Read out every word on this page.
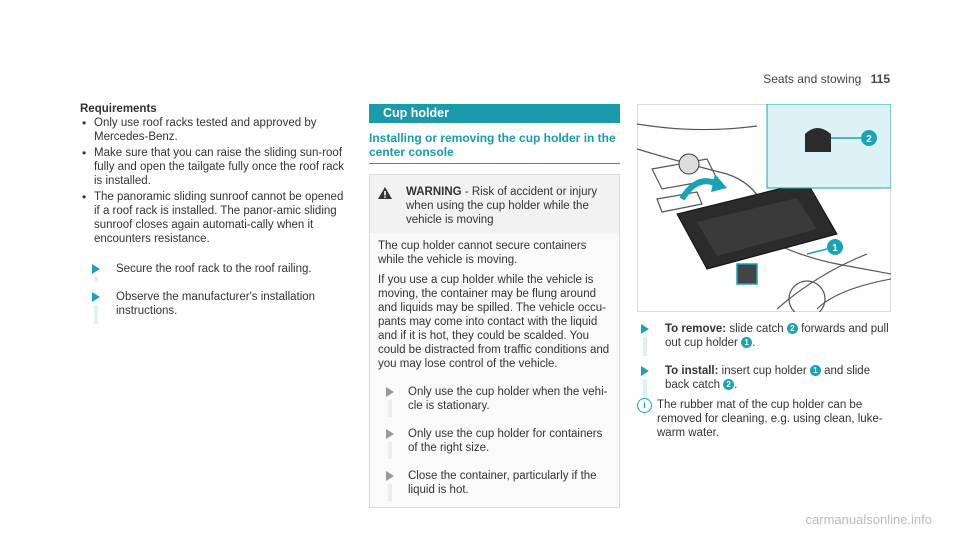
Seats and stowing 115
Requirements
• Only use roof racks tested and approved by Mercedes-Benz.
• Make sure that you can raise the sliding sun-roof fully and open the tailgate fully once the roof rack is installed.
• The panoramic sliding sunroof cannot be opened if a roof rack is installed. The panor-amic sliding sunroof closes again automati-cally when it encounters resistance.
Secure the roof rack to the roof railing.
Observe the manufacturer's installation instructions.
Cup holder
Installing or removing the cup holder in the center console
WARNING - Risk of accident or injury when using the cup holder while the vehicle is moving

The cup holder cannot secure containers while the vehicle is moving.

If you use a cup holder while the vehicle is moving, the container may be flung around and liquids may be spilled. The vehicle occu-pants may come into contact with the liquid and if it is hot, they could be scalded. You could be distracted from traffic conditions and you may lose control of the vehicle.

Only use the cup holder when the vehi-cle is stationary.
Only use the cup holder for containers of the right size.
Close the container, particularly if the liquid is hot.
2
1
To remove: slide catch 2 forwards and pull out cup holder 1 .
To install: insert cup holder 1 and slide back catch 2 .
i The rubber mat of the cup holder can be removed for cleaning, e.g. using clean, luke-warm water.
carmanualsonline.info
